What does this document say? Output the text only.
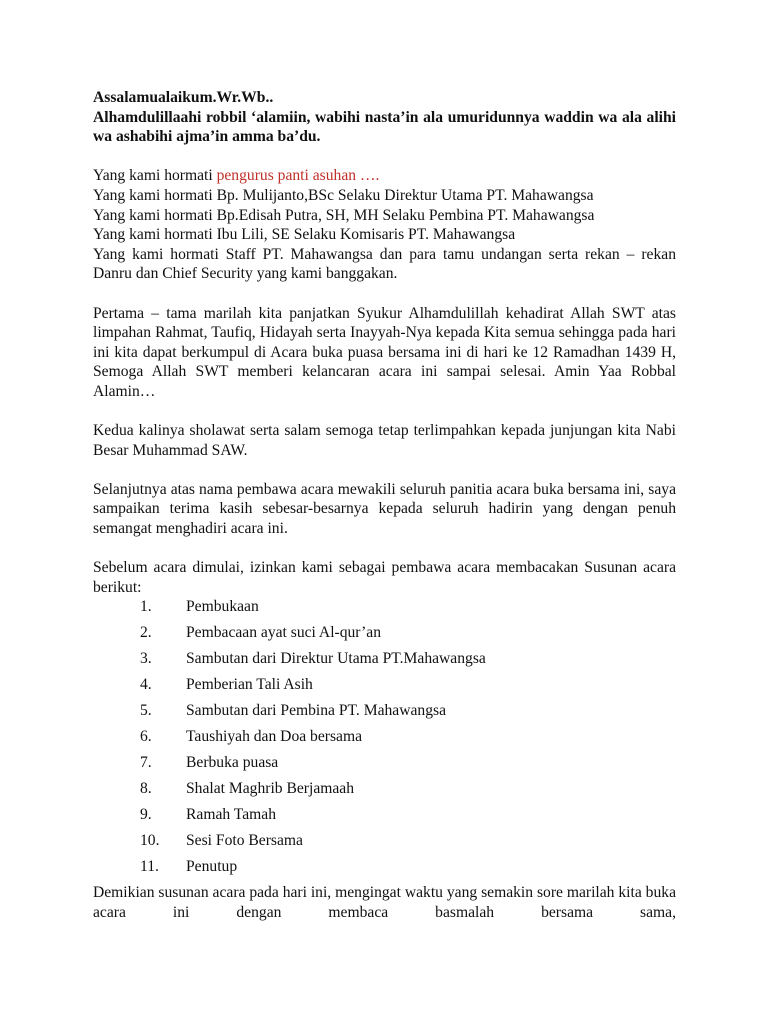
Assalamualaikum.Wr.Wb..
Alhamdulillaahi robbil ‘alamiin, wabihi nasta’in ala umuridunnya waddin wa ala alihi wa ashabihi ajma’in amma ba’du.
Yang kami hormati pengurus panti asuhan ….
Yang kami hormati Bp. Mulijanto,BSc Selaku Direktur Utama PT. Mahawangsa
Yang kami hormati Bp.Edisah Putra, SH, MH Selaku Pembina PT. Mahawangsa
Yang kami hormati Ibu Lili, SE Selaku Komisaris PT. Mahawangsa
Yang kami hormati Staff PT. Mahawangsa dan para tamu undangan serta rekan – rekan Danru dan Chief Security yang kami banggakan.
Pertama – tama marilah kita panjatkan Syukur Alhamdulillah kehadirat Allah SWT atas limpahan Rahmat, Taufiq, Hidayah serta Inayyah-Nya kepada Kita semua sehingga pada hari ini kita dapat berkumpul di Acara buka puasa bersama ini di hari ke 12 Ramadhan 1439 H, Semoga Allah SWT memberi kelancaran acara ini sampai selesai. Amin Yaa Robbal Alamin…
Kedua kalinya sholawat serta salam semoga tetap terlimpahkan kepada junjungan kita Nabi Besar Muhammad SAW.
Selanjutnya atas nama pembawa acara mewakili seluruh panitia acara buka bersama ini, saya sampaikan terima kasih sebesar-besarnya kepada seluruh hadirin yang dengan penuh semangat menghadiri acara ini.
Sebelum acara dimulai, izinkan kami sebagai pembawa acara membacakan Susunan acara berikut:
1.	Pembukaan
2.	Pembacaan ayat suci Al-qur’an
3.	Sambutan dari Direktur Utama PT.Mahawangsa
4.	Pemberian Tali Asih
5.	Sambutan dari Pembina PT. Mahawangsa
6.	Taushiyah dan Doa bersama
7.	Berbuka puasa
8.	Shalat Maghrib Berjamaah
9.	Ramah Tamah
10.	Sesi Foto Bersama
11.	Penutup
Demikian susunan acara pada hari ini, mengingat waktu yang semakin sore marilah kita buka acara ini dengan membaca basmalah bersama sama,
